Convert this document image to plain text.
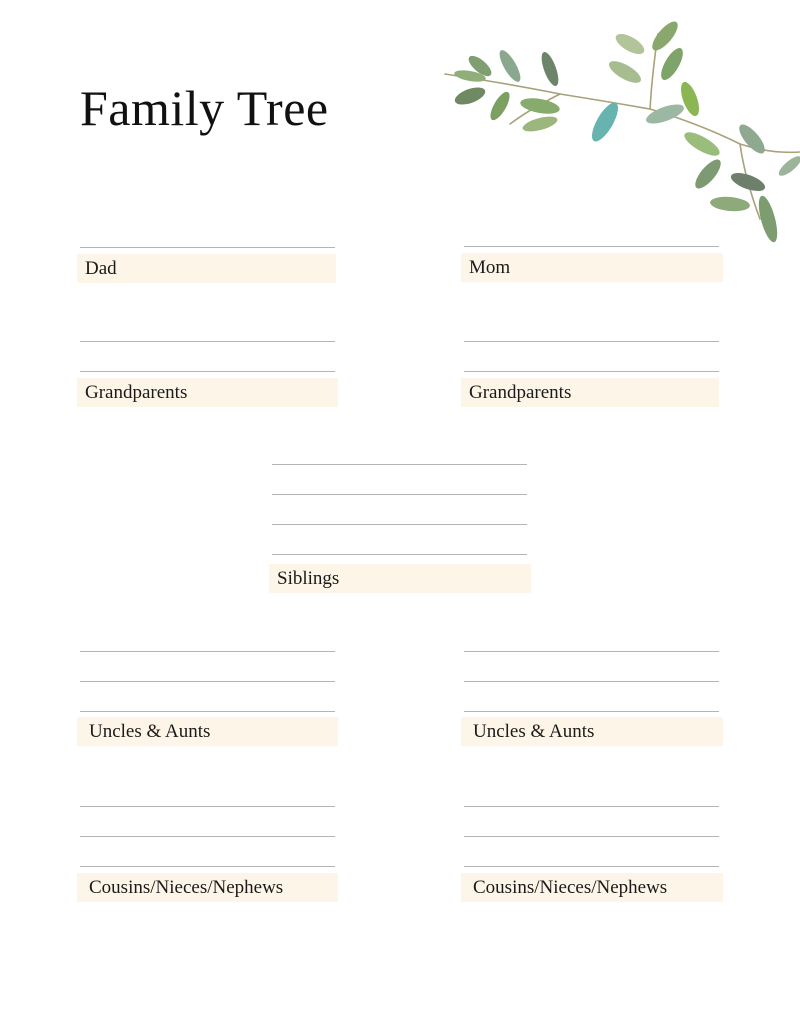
Family Tree
Dad	Mom
Grandparents	Grandparents
Siblings
Uncles & Aunts	Uncles & Aunts
Cousins/Nieces/Nephews	Cousins/Nieces/Nephews
